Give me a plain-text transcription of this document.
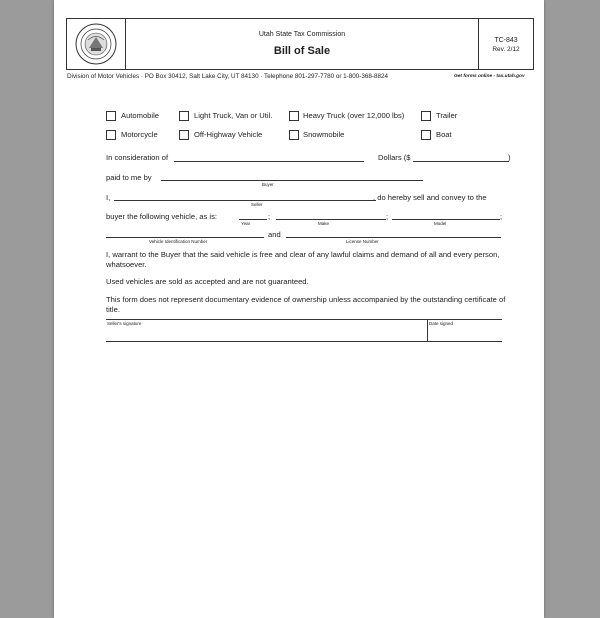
Utah State Tax Commission
Bill of Sale
TC-843
Rev. 2/12
Division of Motor Vehicles · PO Box 30412, Salt Lake City, UT 84130 · Telephone 801-297-7780 or 1-800-368-8824	Get forms online - tax.utah.gov
Automobile	Light Truck, Van or Util.	Heavy Truck (over 12,000 lbs)	Trailer
Motorcycle	Off-Highway Vehicle	Snowmobile	Boat
In consideration of	Dollars ($	)
paid to me by
Buyer
I,
Seller
, do hereby sell and convey to the
buyer the following vehicle, as is:	;
Year
;
Make
;
Model
Vehicle Identification Number
and
License Number
I, warrant to the Buyer that the said vehicle is free and clear of any lawful claims and demand of all and every person, whatsoever.
Used vehicles are sold as accepted and are not guaranteed.
This form does not represent documentary evidence of ownership unless accompanied by the outstanding certificate of title.
Seller's signature	Date signed
